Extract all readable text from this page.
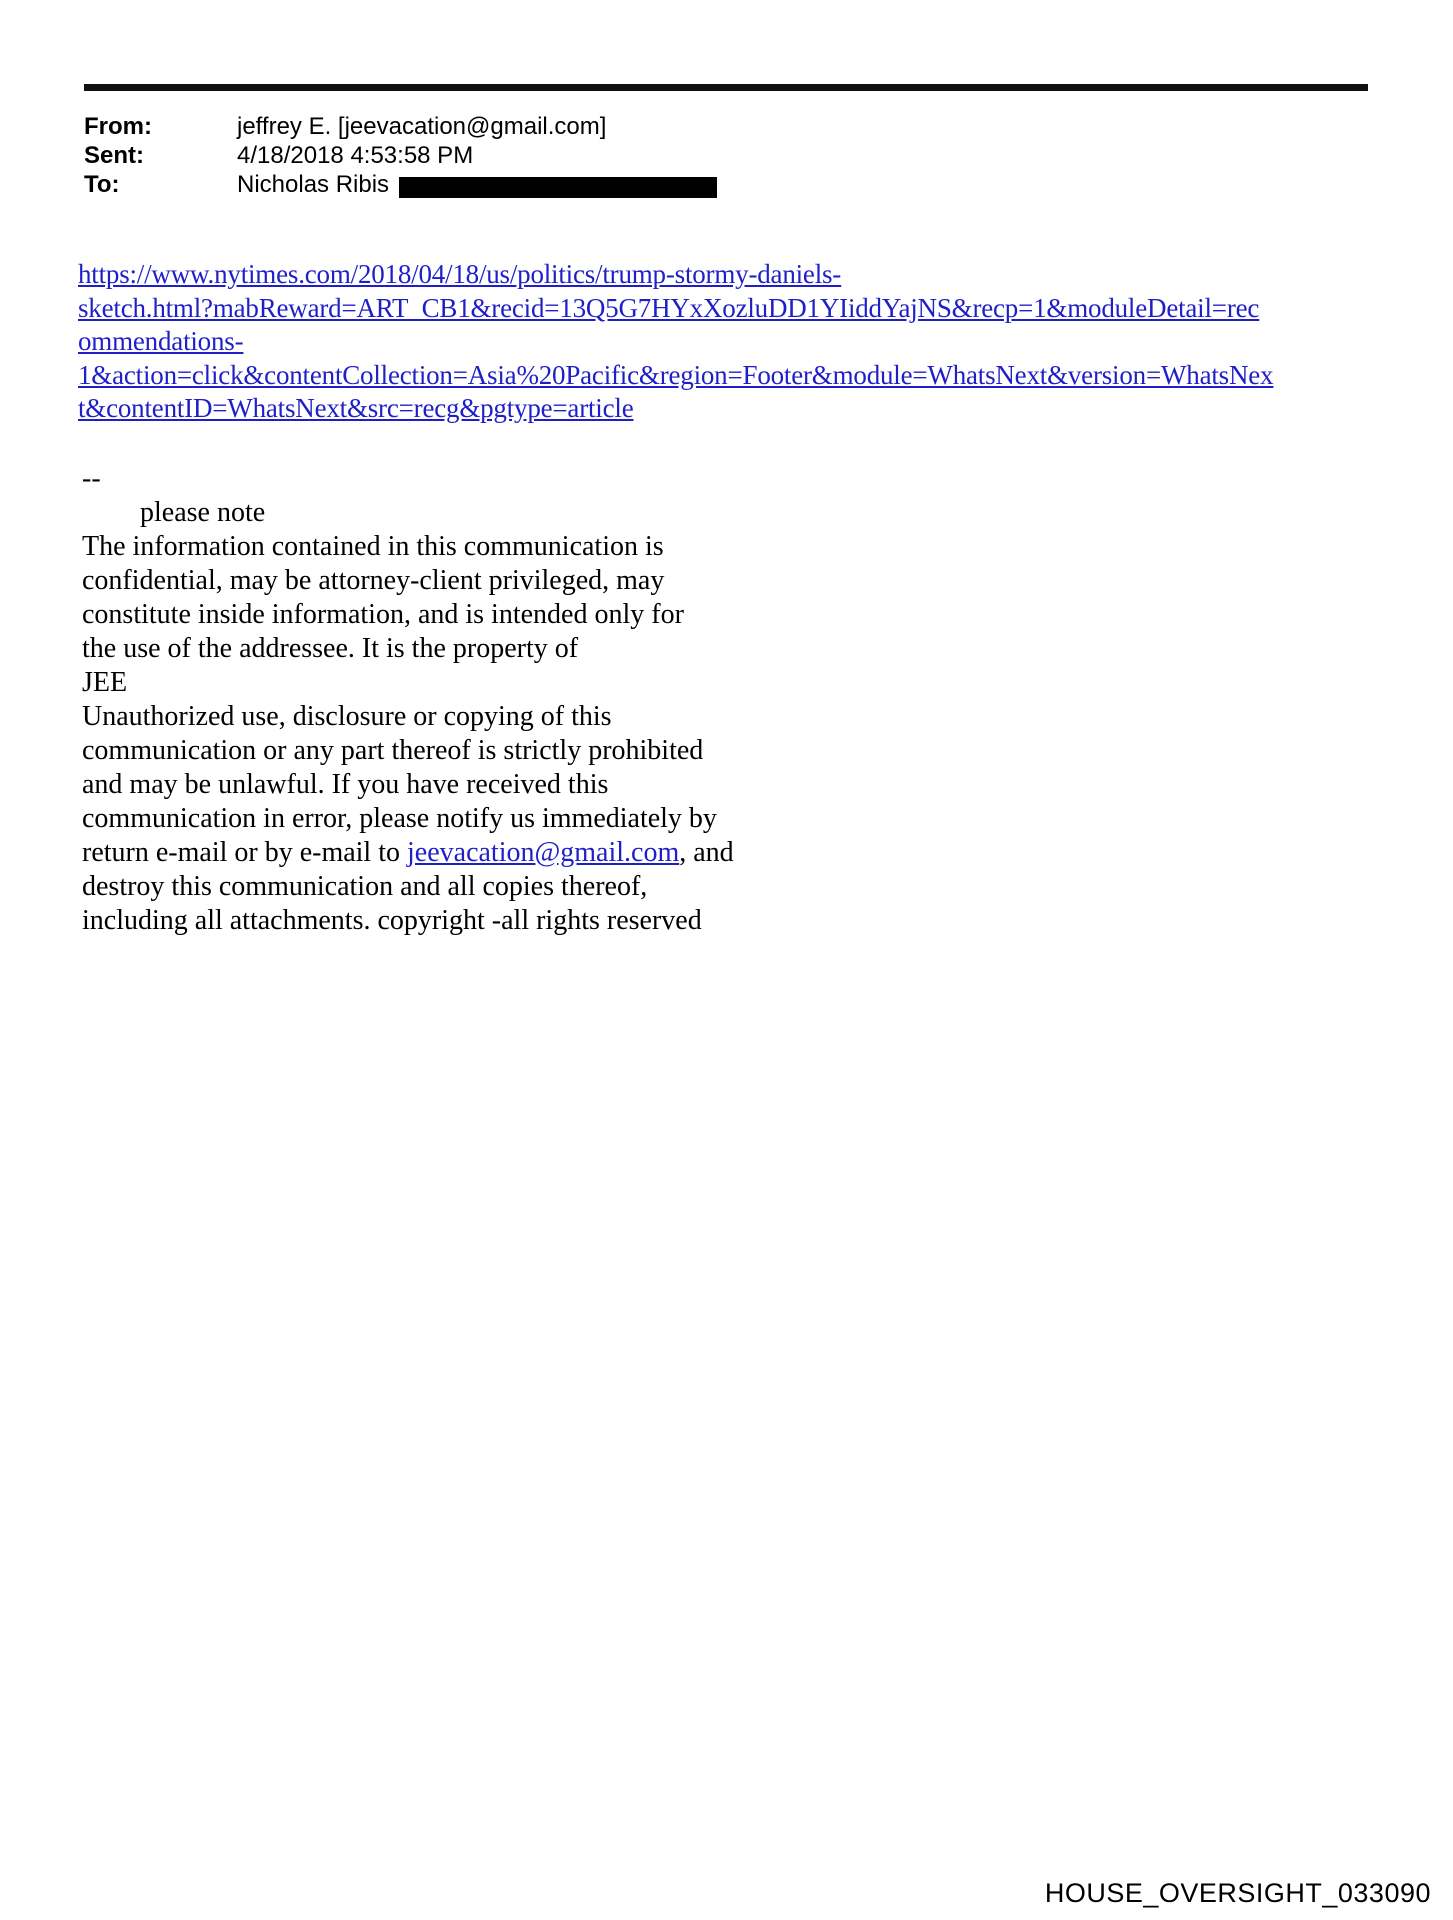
From:	jeffrey E. [jeevacation@gmail.com]
Sent:	4/18/2018 4:53:58 PM
To:	Nicholas Ribis
https://www.nytimes.com/2018/04/18/us/politics/trump-stormy-daniels-
sketch.html?mabReward=ART_CB1&recid=13Q5G7HYxXozluDD1YIiddYajNS&recp=1&moduleDetail=rec
ommendations-
1&action=click&contentCollection=Asia%20Pacific&region=Footer&module=WhatsNext&version=WhatsNex
t&contentID=WhatsNext&src=recg&pgtype=article
--
please note
The information contained in this communication is
confidential, may be attorney-client privileged, may
constitute inside information, and is intended only for
the use of the addressee. It is the property of
JEE
Unauthorized use, disclosure or copying of this
communication or any part thereof is strictly prohibited
and may be unlawful. If you have received this
communication in error, please notify us immediately by
return e-mail or by e-mail to jeevacation@gmail.com, and
destroy this communication and all copies thereof,
including all attachments. copyright -all rights reserved
HOUSE_OVERSIGHT_033090
